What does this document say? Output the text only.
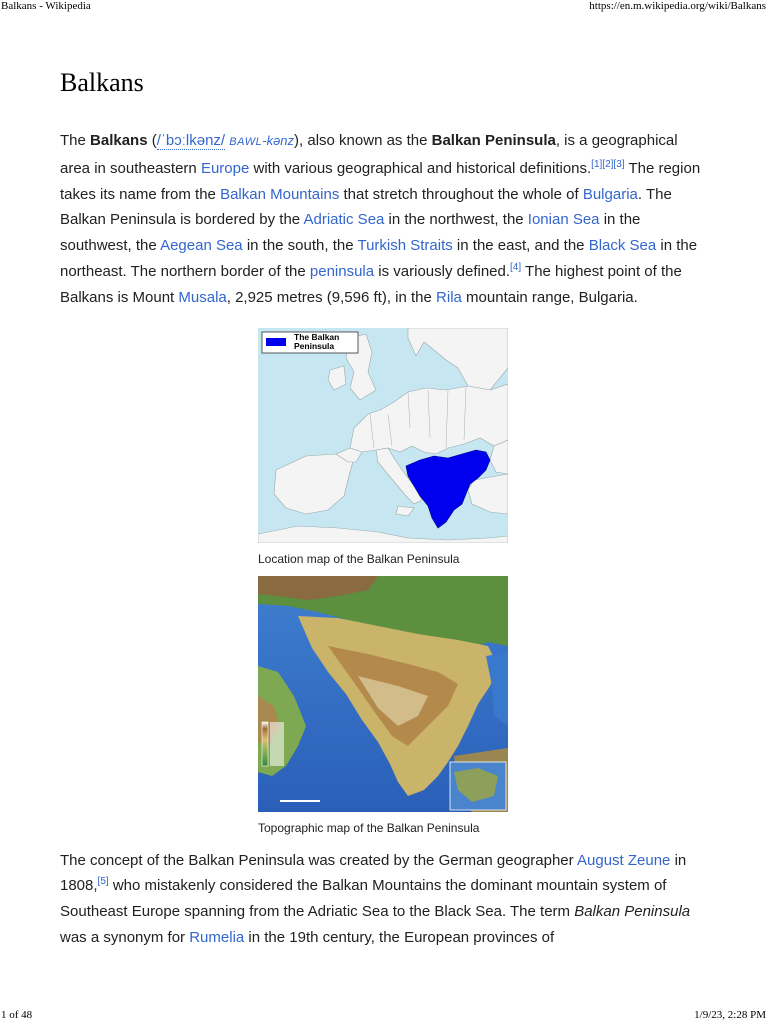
Balkans - Wikipedia	https://en.m.wikipedia.org/wiki/Balkans
Balkans

The Balkans (/ˈbɔːlkənz/ BAWL-kənz), also known as the Balkan Peninsula, is a geographical area in southeastern Europe with various geographical and historical definitions.[1][2][3] The region takes its name from the Balkan Mountains that stretch throughout the whole of Bulgaria. The Balkan Peninsula is bordered by the Adriatic Sea in the northwest, the Ionian Sea in the southwest, the Aegean Sea in the south, the Turkish Straits in the east, and the Black Sea in the northeast. The northern border of the peninsula is variously defined.[4] The highest point of the Balkans is Mount Musala, 2,925 metres (9,596 ft), in the Rila mountain range, Bulgaria.

The Balkan
Peninsula
Location map of the Balkan Peninsula
Topographic map of the Balkan Peninsula

The concept of the Balkan Peninsula was created by the German geographer August Zeune in 1808,[5] who mistakenly considered the Balkan Mountains the dominant mountain system of Southeast Europe spanning from the Adriatic Sea to the Black Sea. The term Balkan Peninsula was a synonym for Rumelia in the 19th century, the European provinces of

1 of 48	1/9/23, 2:28 PM
